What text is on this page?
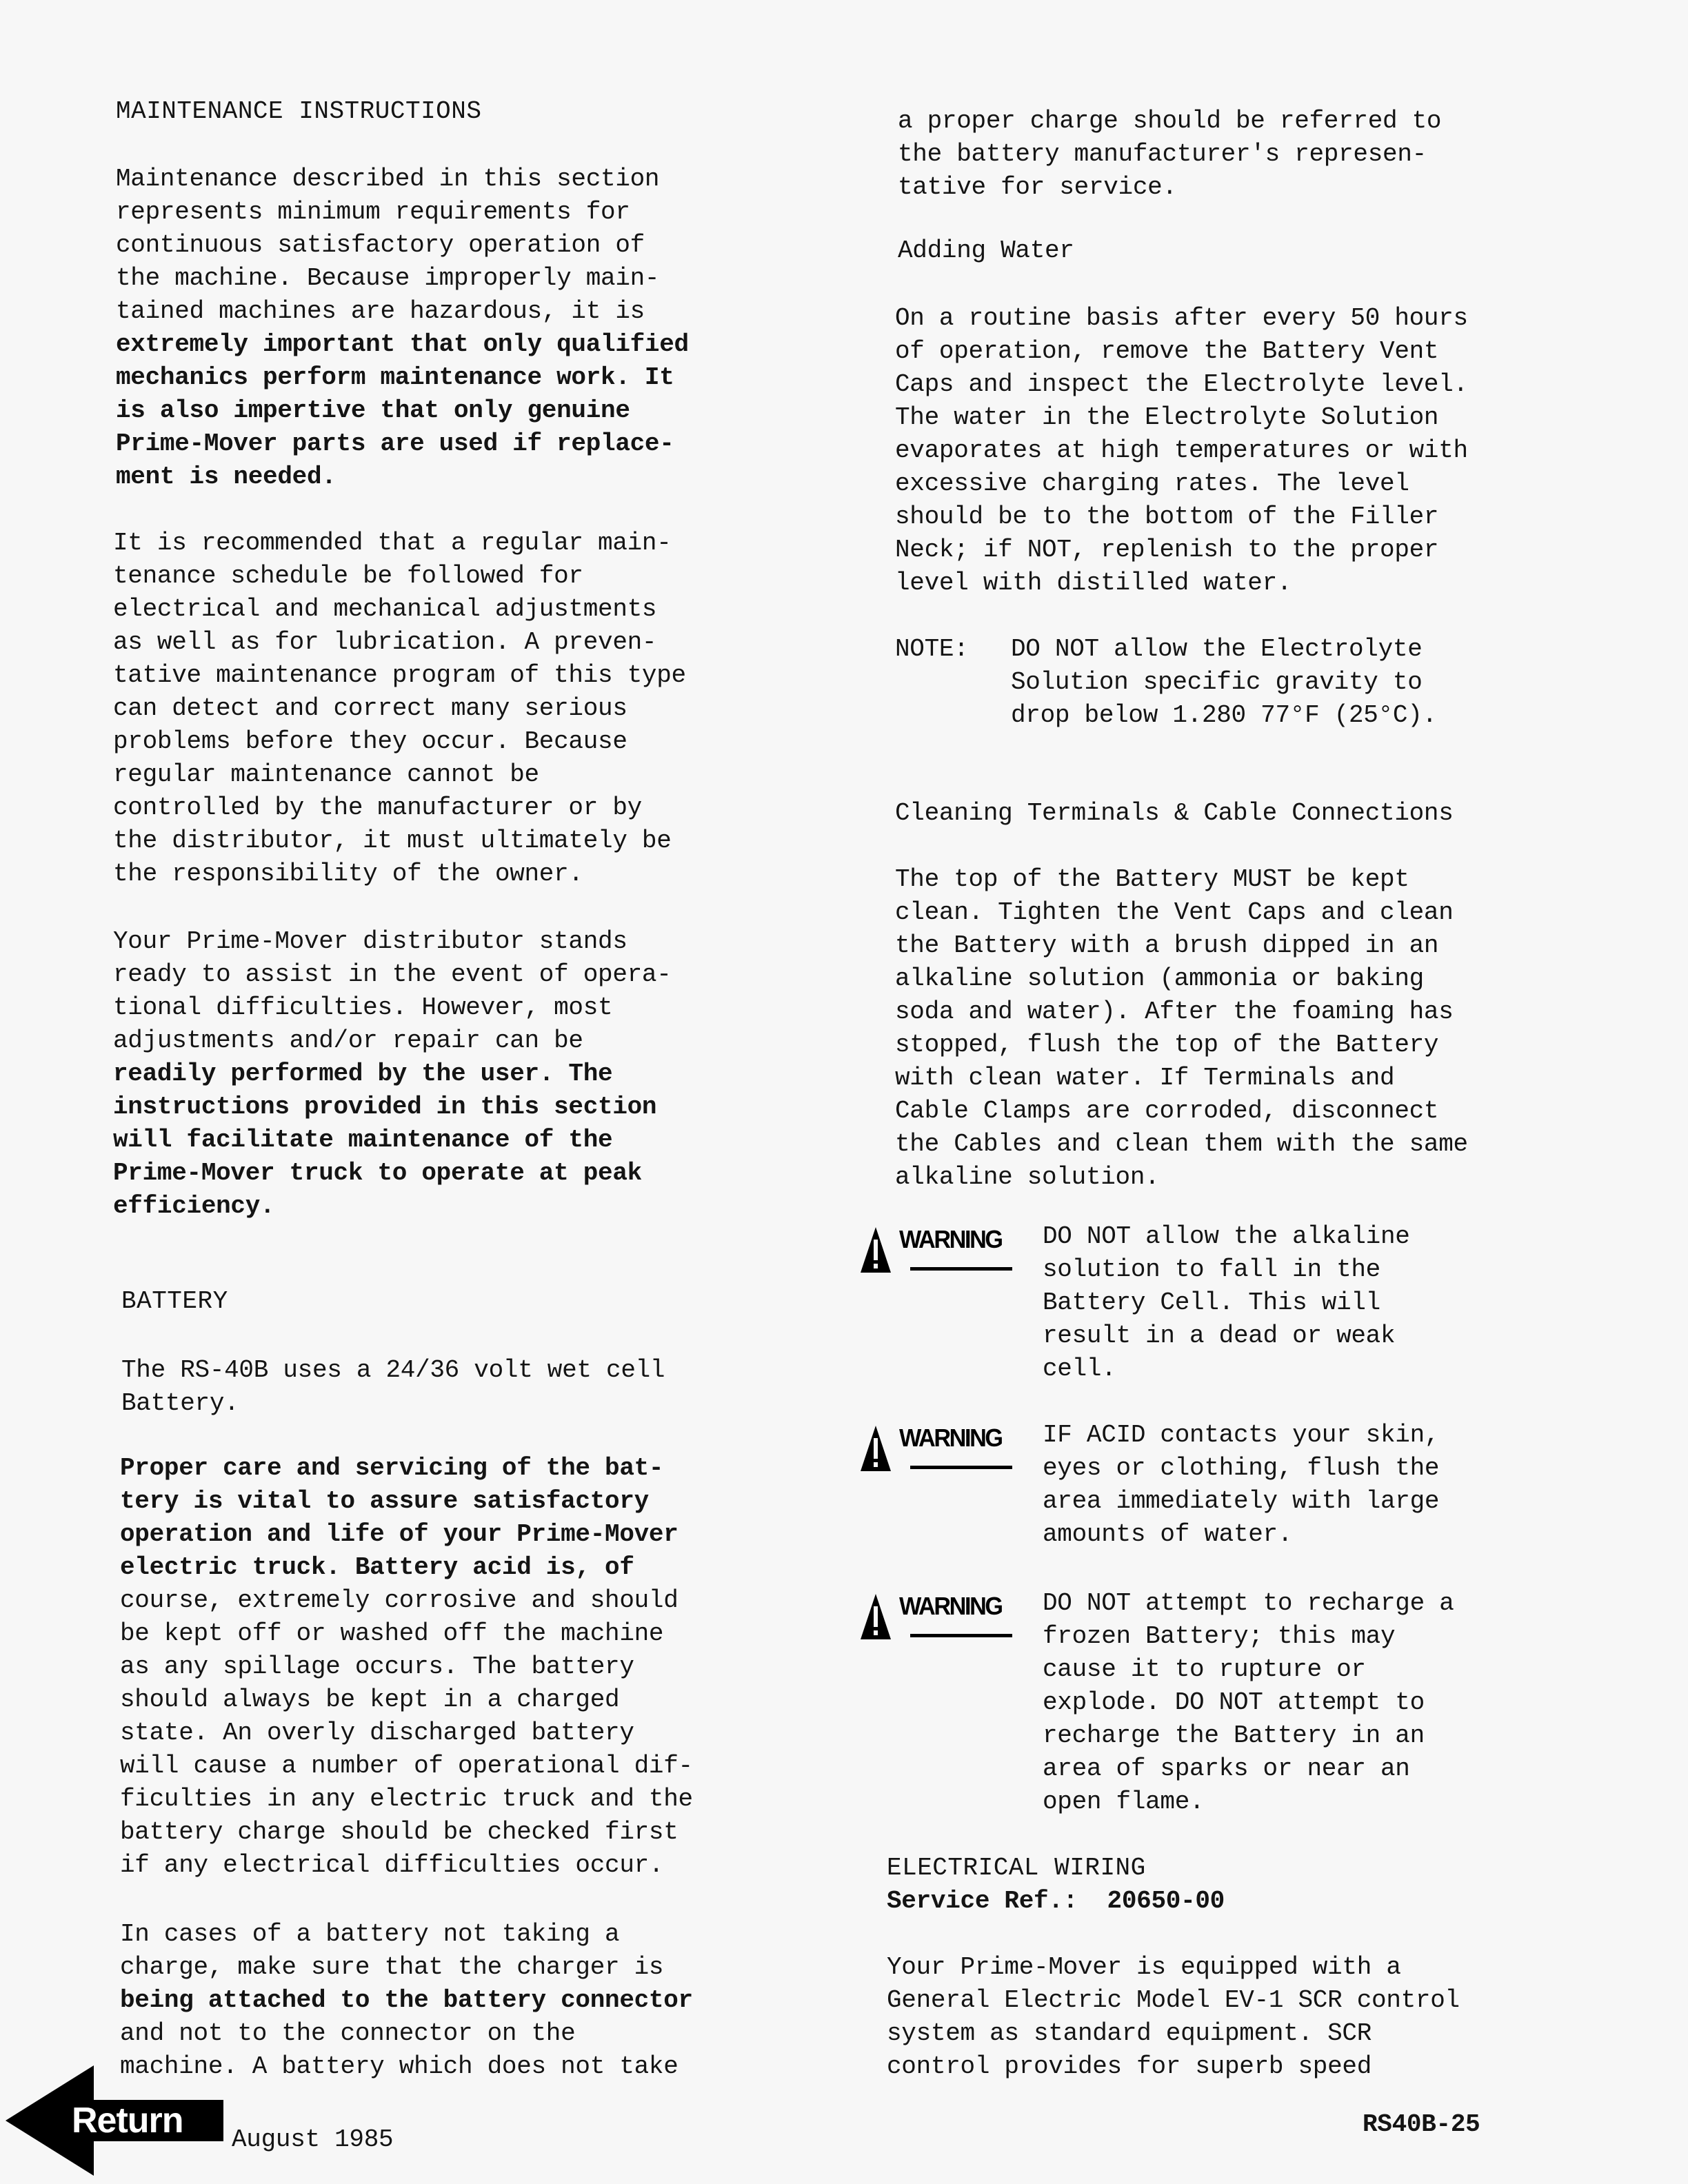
MAINTENANCE INSTRUCTIONS
Maintenance described in this section
represents minimum requirements for
continuous satisfactory operation of
the machine. Because improperly main-
tained machines are hazardous, it is
extremely important that only qualified
mechanics perform maintenance work. It
is also impertive that only genuine
Prime-Mover parts are used if replace-
ment is needed.
It is recommended that a regular main-
tenance schedule be followed for
electrical and mechanical adjustments
as well as for lubrication. A preven-
tative maintenance program of this type
can detect and correct many serious
problems before they occur. Because
regular maintenance cannot be
controlled by the manufacturer or by
the distributor, it must ultimately be
the responsibility of the owner.
Your Prime-Mover distributor stands
ready to assist in the event of opera-
tional difficulties. However, most
adjustments and/or repair can be
readily performed by the user. The
instructions provided in this section
will facilitate maintenance of the
Prime-Mover truck to operate at peak
efficiency.
BATTERY
The RS-40B uses a 24/36 volt wet cell
Battery.
Proper care and servicing of the bat-
tery is vital to assure satisfactory
operation and life of your Prime-Mover
electric truck. Battery acid is, of
course, extremely corrosive and should
be kept off or washed off the machine
as any spillage occurs. The battery
should always be kept in a charged
state. An overly discharged battery
will cause a number of operational dif-
ficulties in any electric truck and the
battery charge should be checked first
if any electrical difficulties occur.
In cases of a battery not taking a
charge, make sure that the charger is
being attached to the battery connector
and not to the connector on the
machine. A battery which does not take
a proper charge should be referred to
the battery manufacturer's represen-
tative for service.
Adding Water
On a routine basis after every 50 hours
of operation, remove the Battery Vent
Caps and inspect the Electrolyte level.
The water in the Electrolyte Solution
evaporates at high temperatures or with
excessive charging rates. The level
should be to the bottom of the Filler
Neck; if NOT, replenish to the proper
level with distilled water.
Cleaning Terminals & Cable Connections
The top of the Battery MUST be kept
clean. Tighten the Vent Caps and clean
the Battery with a brush dipped in an
alkaline solution (ammonia or baking
soda and water). After the foaming has
stopped, flush the top of the Battery
with clean water. If Terminals and
Cable Clamps are corroded, disconnect
the Cables and clean them with the same
alkaline solution.
ELECTRICAL WIRING
Service Ref.:  20650-00
Your Prime-Mover is equipped with a
General Electric Model EV-1 SCR control
system as standard equipment. SCR
control provides for superb speed
NOTE: DO NOT allow the Electrolyte
Solution specific gravity to
drop below 1.280 77°F (25°C).
WARNING DO NOT allow the alkaline
solution to fall in the
Battery Cell. This will
result in a dead or weak
cell.
WARNING IF ACID contacts your skin,
eyes or clothing, flush the
area immediately with large
amounts of water.
WARNING DO NOT attempt to recharge a
frozen Battery; this may
cause it to rupture or
explode. DO NOT attempt to
recharge the Battery in an
area of sparks or near an
open flame.
August 1985
RS40B-25
Return
